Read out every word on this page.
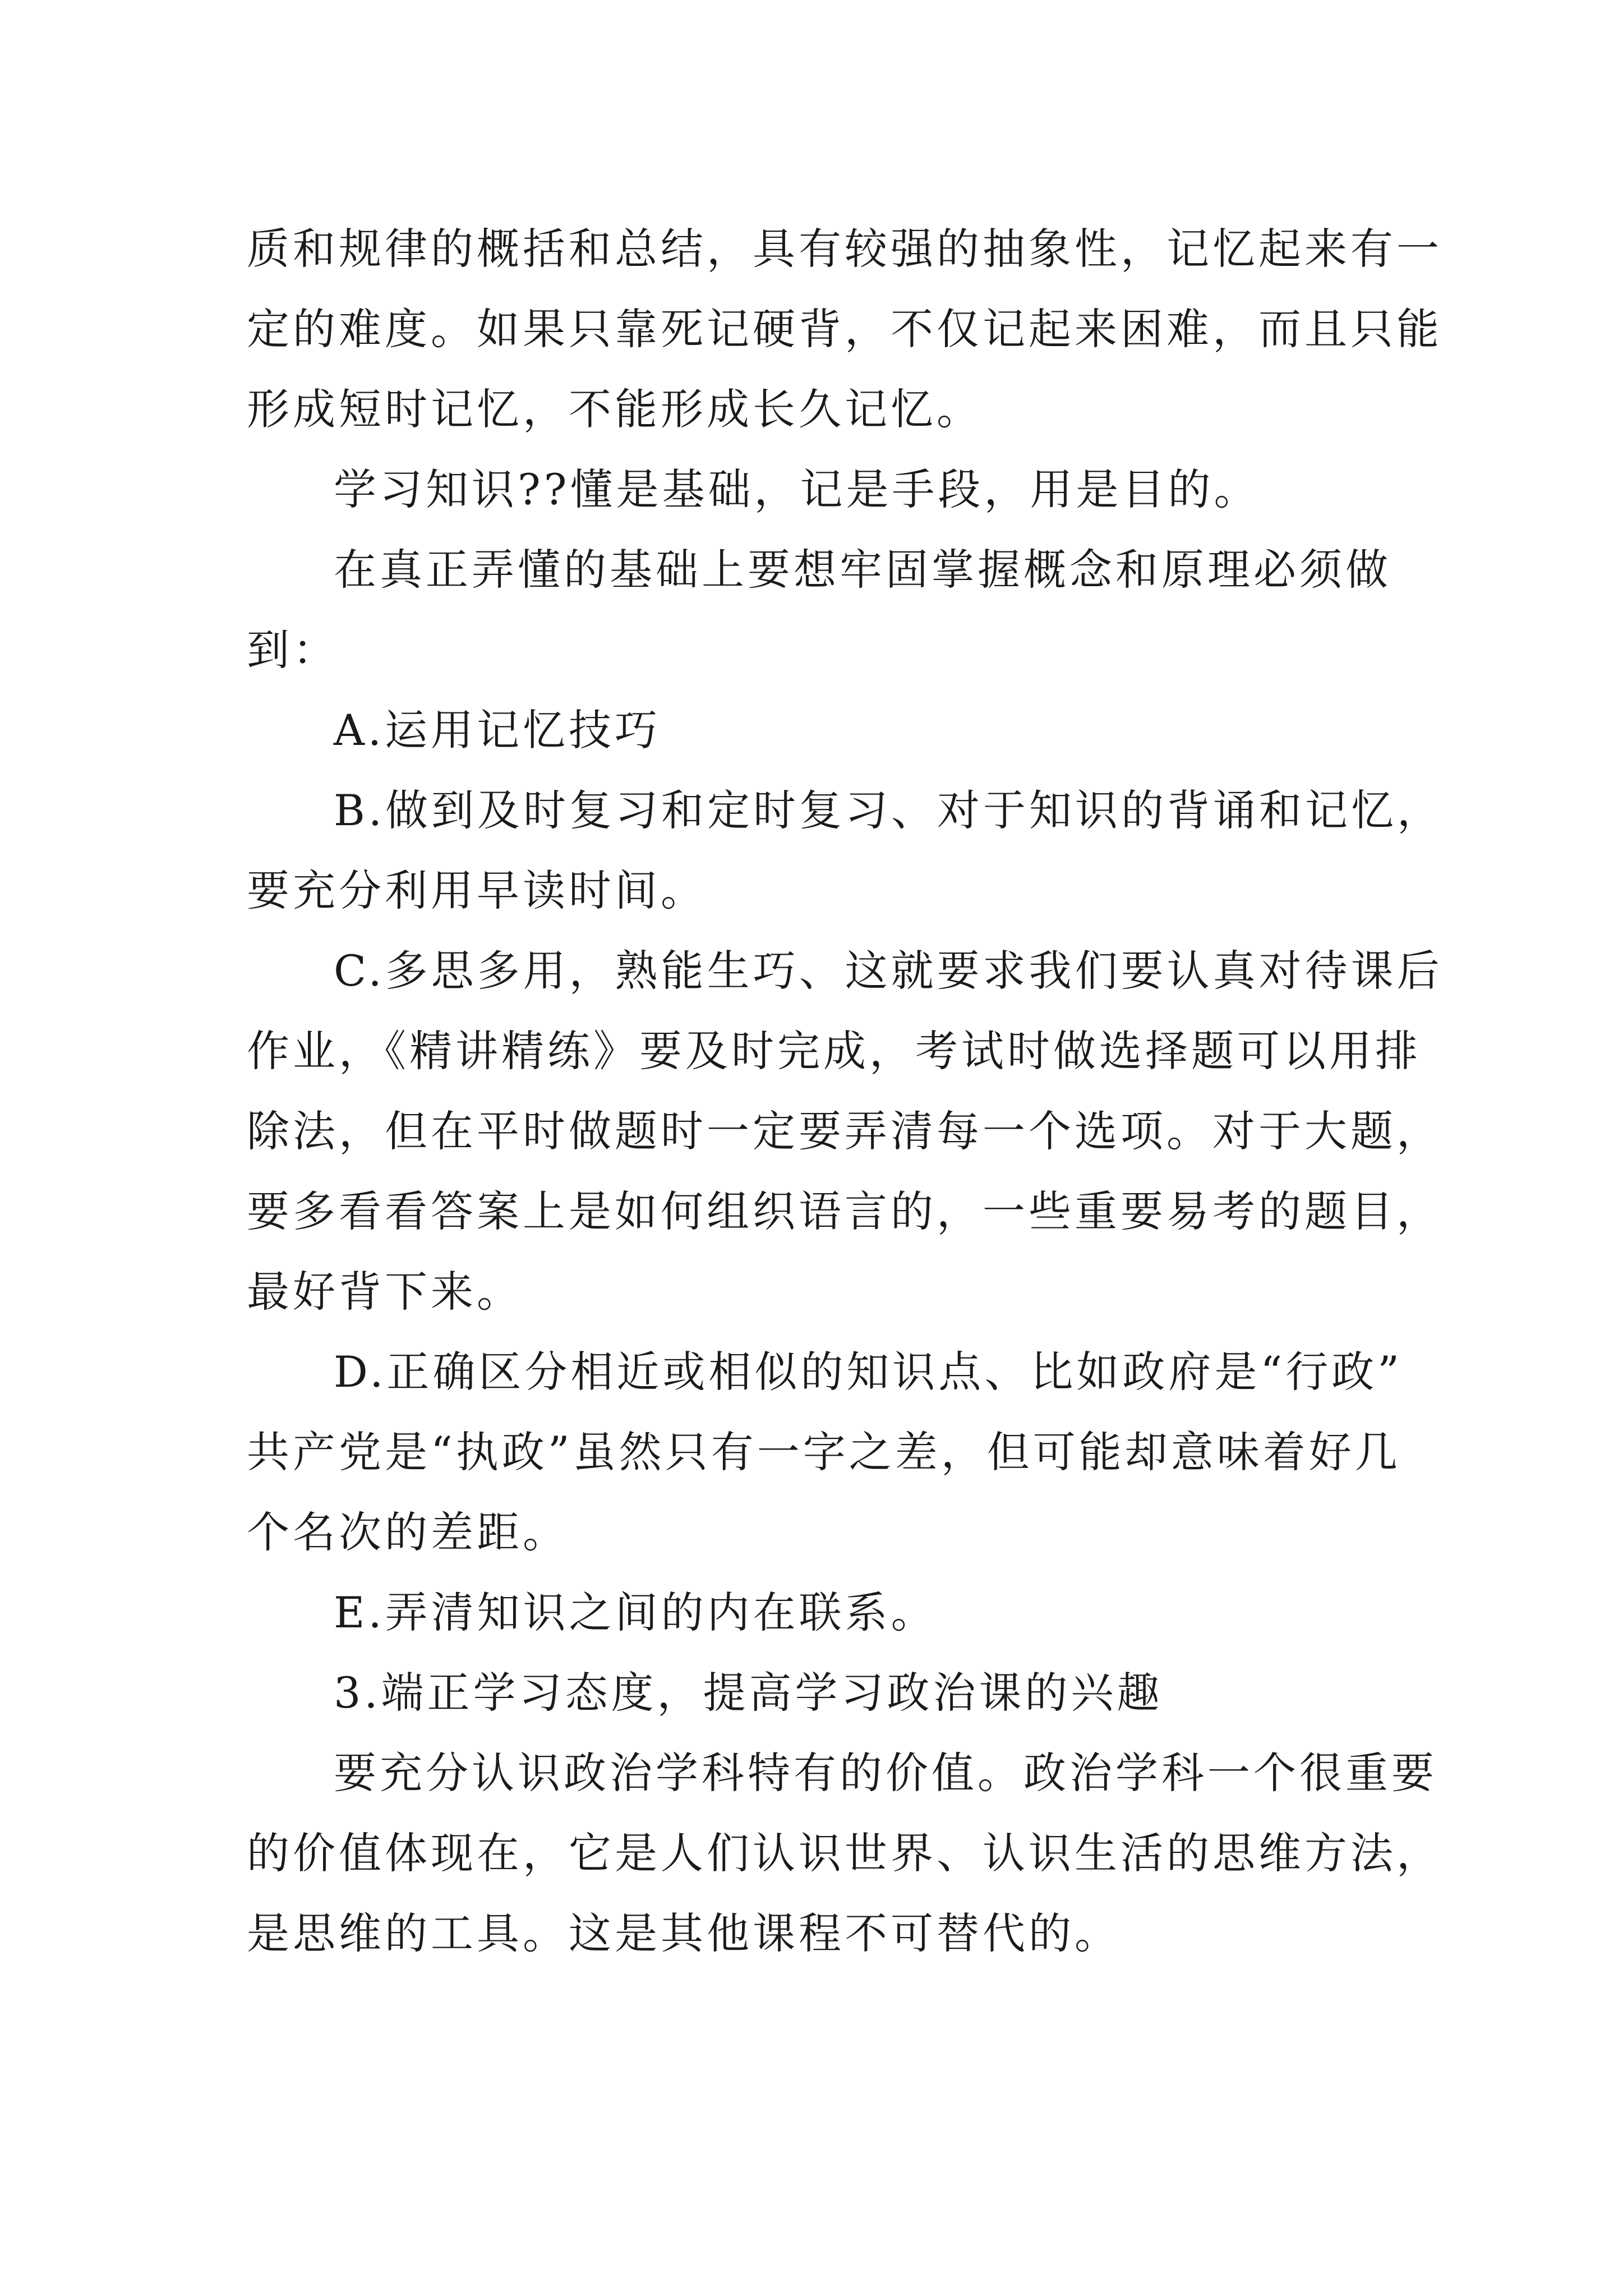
质和规律的概括和总结，具有较强的抽象性，记忆起来有一
定的难度。如果只靠死记硬背，不仅记起来困难，而且只能
形成短时记忆，不能形成长久记忆。
学习知识??懂是基础，记是手段，用是目的。
在真正弄懂的基础上要想牢固掌握概念和原理必须做
到：
A.运用记忆技巧
B.做到及时复习和定时复习、对于知识的背诵和记忆，
要充分利用早读时间。
C.多思多用，熟能生巧、这就要求我们要认真对待课后
作业，《精讲精练》要及时完成，考试时做选择题可以用排
除法，但在平时做题时一定要弄清每一个选项。对于大题，
要多看看答案上是如何组织语言的，一些重要易考的题目，
最好背下来。
D.正确区分相近或相似的知识点、比如政府是“行政”
共产党是“执政”虽然只有一字之差，但可能却意味着好几
个名次的差距。
E.弄清知识之间的内在联系。
3.端正学习态度，提高学习政治课的兴趣
要充分认识政治学科特有的价值。政治学科一个很重要
的价值体现在，它是人们认识世界、认识生活的思维方法，
是思维的工具。这是其他课程不可替代的。
